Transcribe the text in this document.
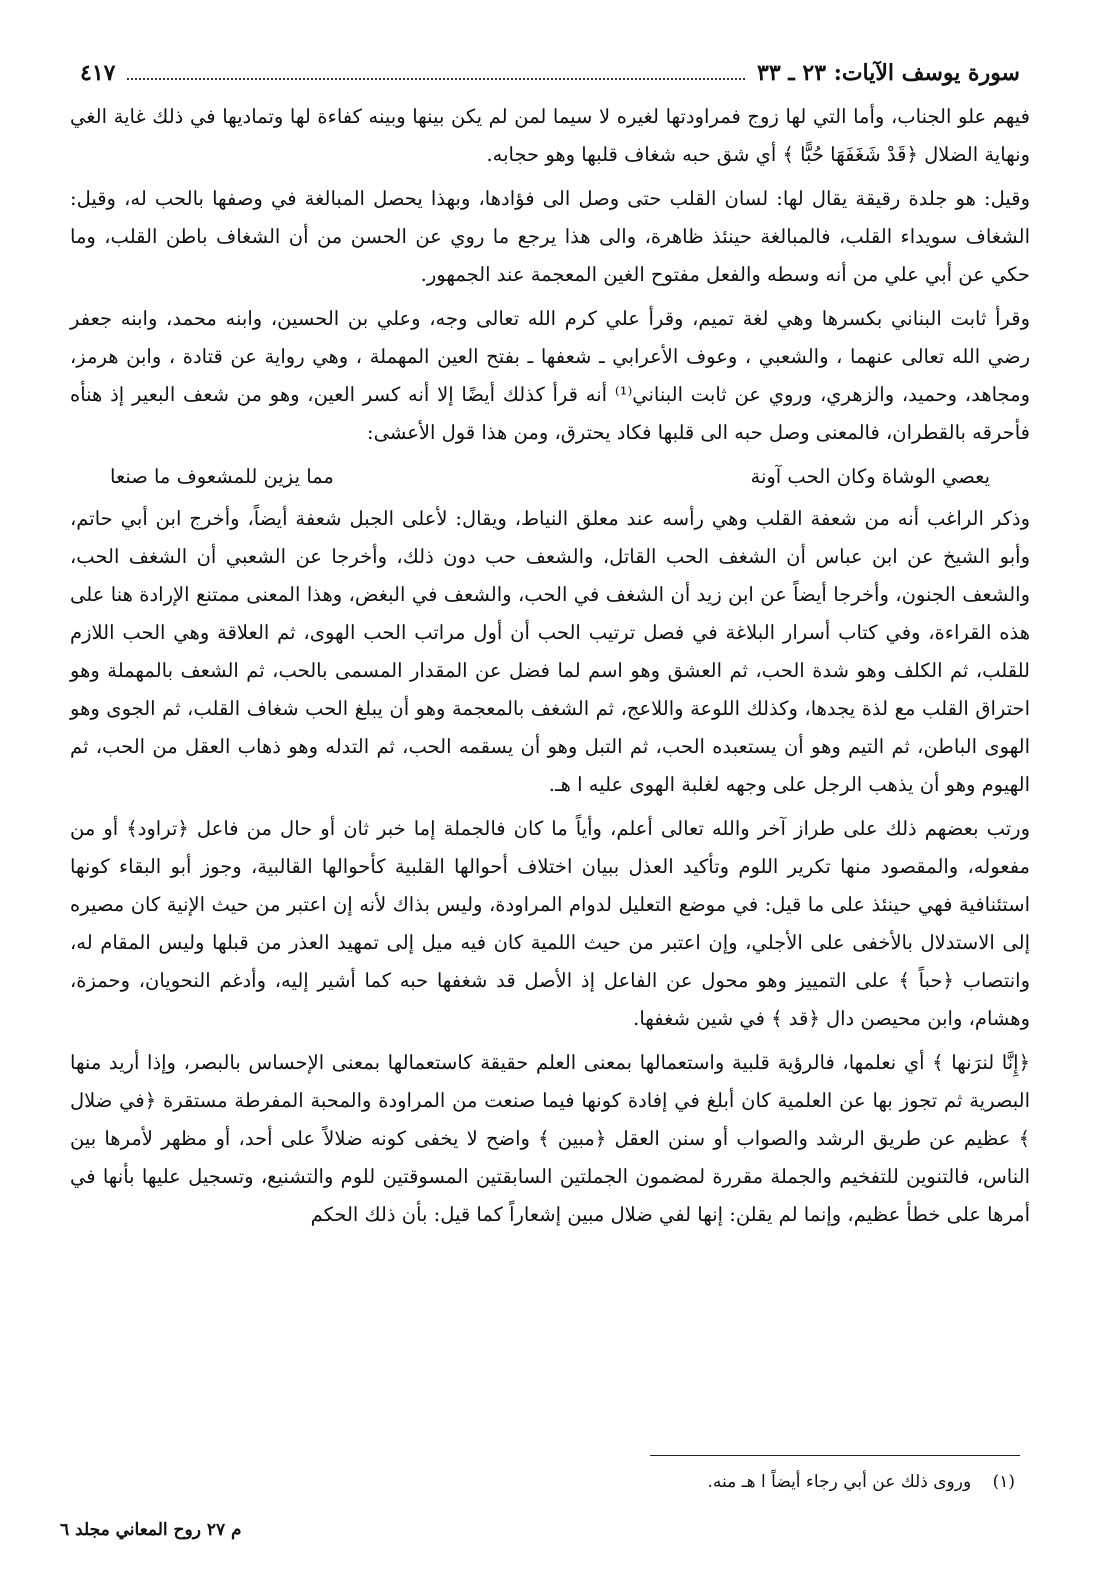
سورة يوسف الآيات: ٢٣ ـ ٣٣
٤١٧

فيهم علو الجناب، وأما التي لها زوج فمراودتها لغيره لا سيما لمن لم يكن بينها وبينه كفاءة لها وتماديها في ذلك غاية الغي ونهاية الضلال ﴿قَدْ شَغَفَهَا حُبًّا ﴾ أي شق حبه شغاف قلبها وهو حجابه.

وقيل: هو جلدة رقيقة يقال لها: لسان القلب حتى وصل الى فؤادها، وبهذا يحصل المبالغة في وصفها بالحب له، وقيل: الشغاف سويداء القلب، فالمبالغة حينئذ ظاهرة، والى هذا يرجع ما روي عن الحسن من أن الشغاف باطن القلب، وما حكي عن أبي علي من أنه وسطه والفعل مفتوح الغين المعجمة عند الجمهور.

وقرأ ثابت البناني بكسرها وهي لغة تميم، وقرأ علي كرم الله تعالى وجه، وعلي بن الحسين، وابنه محمد، وابنه جعفر رضي الله تعالى عنهما ، والشعبي ، وعوف الأعرابي ـ شعفها ـ بفتح العين المهملة ، وهي رواية عن قتادة ، وابن هرمز، ومجاهد، وحميد، والزهري، وروي عن ثابت البناني⁽¹⁾ أنه قرأ كذلك أيضًا إلا أنه كسر العين، وهو من شعف البعير إذ هنأه فأحرقه بالقطران، فالمعنى وصل حبه الى قلبها فكاد يحترق، ومن هذا قول الأعشى:

يعصي الوشاة وكان الحب آونة
مما يزين للمشعوف ما صنعا

وذكر الراغب أنه من شعفة القلب وهي رأسه عند معلق النياط، ويقال: لأعلى الجبل شعفة أيضاً، وأخرج ابن أبي حاتم، وأبو الشيخ عن ابن عباس أن الشغف الحب القاتل، والشعف حب دون ذلك، وأخرجا عن الشعبي أن الشغف الحب، والشعف الجنون، وأخرجا أيضاً عن ابن زيد أن الشغف في الحب، والشعف في البغض، وهذا المعنى ممتنع الإرادة هنا على هذه القراءة، وفي كتاب أسرار البلاغة في فصل ترتيب الحب أن أول مراتب الحب الهوى، ثم العلاقة وهي الحب اللازم للقلب، ثم الكلف وهو شدة الحب، ثم العشق وهو اسم لما فضل عن المقدار المسمى بالحب، ثم الشعف بالمهملة وهو احتراق القلب مع لذة يجدها، وكذلك اللوعة واللاعج، ثم الشغف بالمعجمة وهو أن يبلغ الحب شغاف القلب، ثم الجوى وهو الهوى الباطن، ثم التيم وهو أن يستعبده الحب، ثم التبل وهو أن يسقمه الحب، ثم التدله وهو ذهاب العقل من الحب، ثم الهيوم وهو أن يذهب الرجل على وجهه لغلبة الهوى عليه ا هـ.

ورتب بعضهم ذلك على طراز آخر والله تعالى أعلم، وأياً ما كان فالجملة إما خبر ثان أو حال من فاعل ﴿تراود﴾ أو من مفعوله، والمقصود منها تكرير اللوم وتأكيد العذل ببيان اختلاف أحوالها القلبية كأحوالها القالبية، وجوز أبو البقاء كونها استئنافية فهي حينئذ على ما قيل: في موضع التعليل لدوام المراودة، وليس بذاك لأنه إن اعتبر من حيث الإنية كان مصيره إلى الاستدلال بالأخفى على الأجلي، وإن اعتبر من حيث اللمية كان فيه ميل إلى تمهيد العذر من قبلها وليس المقام له، وانتصاب ﴿حباً ﴾ على التمييز وهو محول عن الفاعل إذ الأصل قد شغفها حبه كما أشير إليه، وأدغم النحويان، وحمزة، وهشام، وابن محيصن دال ﴿قد ﴾ في شين شغفها.

﴿إِنَّا لنرَنها ﴾ أي نعلمها، فالرؤية قلبية واستعمالها بمعنى العلم حقيقة كاستعمالها بمعنى الإحساس بالبصر، وإذا أريد منها البصرية ثم تجوز بها عن العلمية كان أبلغ في إفادة كونها فيما صنعت من المراودة والمحبة المفرطة مستقرة ﴿في ضلال ﴾ عظيم عن طريق الرشد والصواب أو سنن العقل ﴿مبين ﴾ واضح لا يخفى كونه ضلالاً على أحد، أو مظهر لأمرها بين الناس، فالتنوين للتفخيم والجملة مقررة لمضمون الجملتين السابقتين المسوقتين للوم والتشنيع، وتسجيل عليها بأنها في أمرها على خطأ عظيم، وإنما لم يقلن: إنها لفي ضلال مبين إشعاراً كما قيل: بأن ذلك الحكم

(١) وروى ذلك عن أبي رجاء أيضاً ا هـ منه.
م ٢٧ روح المعاني مجلد ٦
